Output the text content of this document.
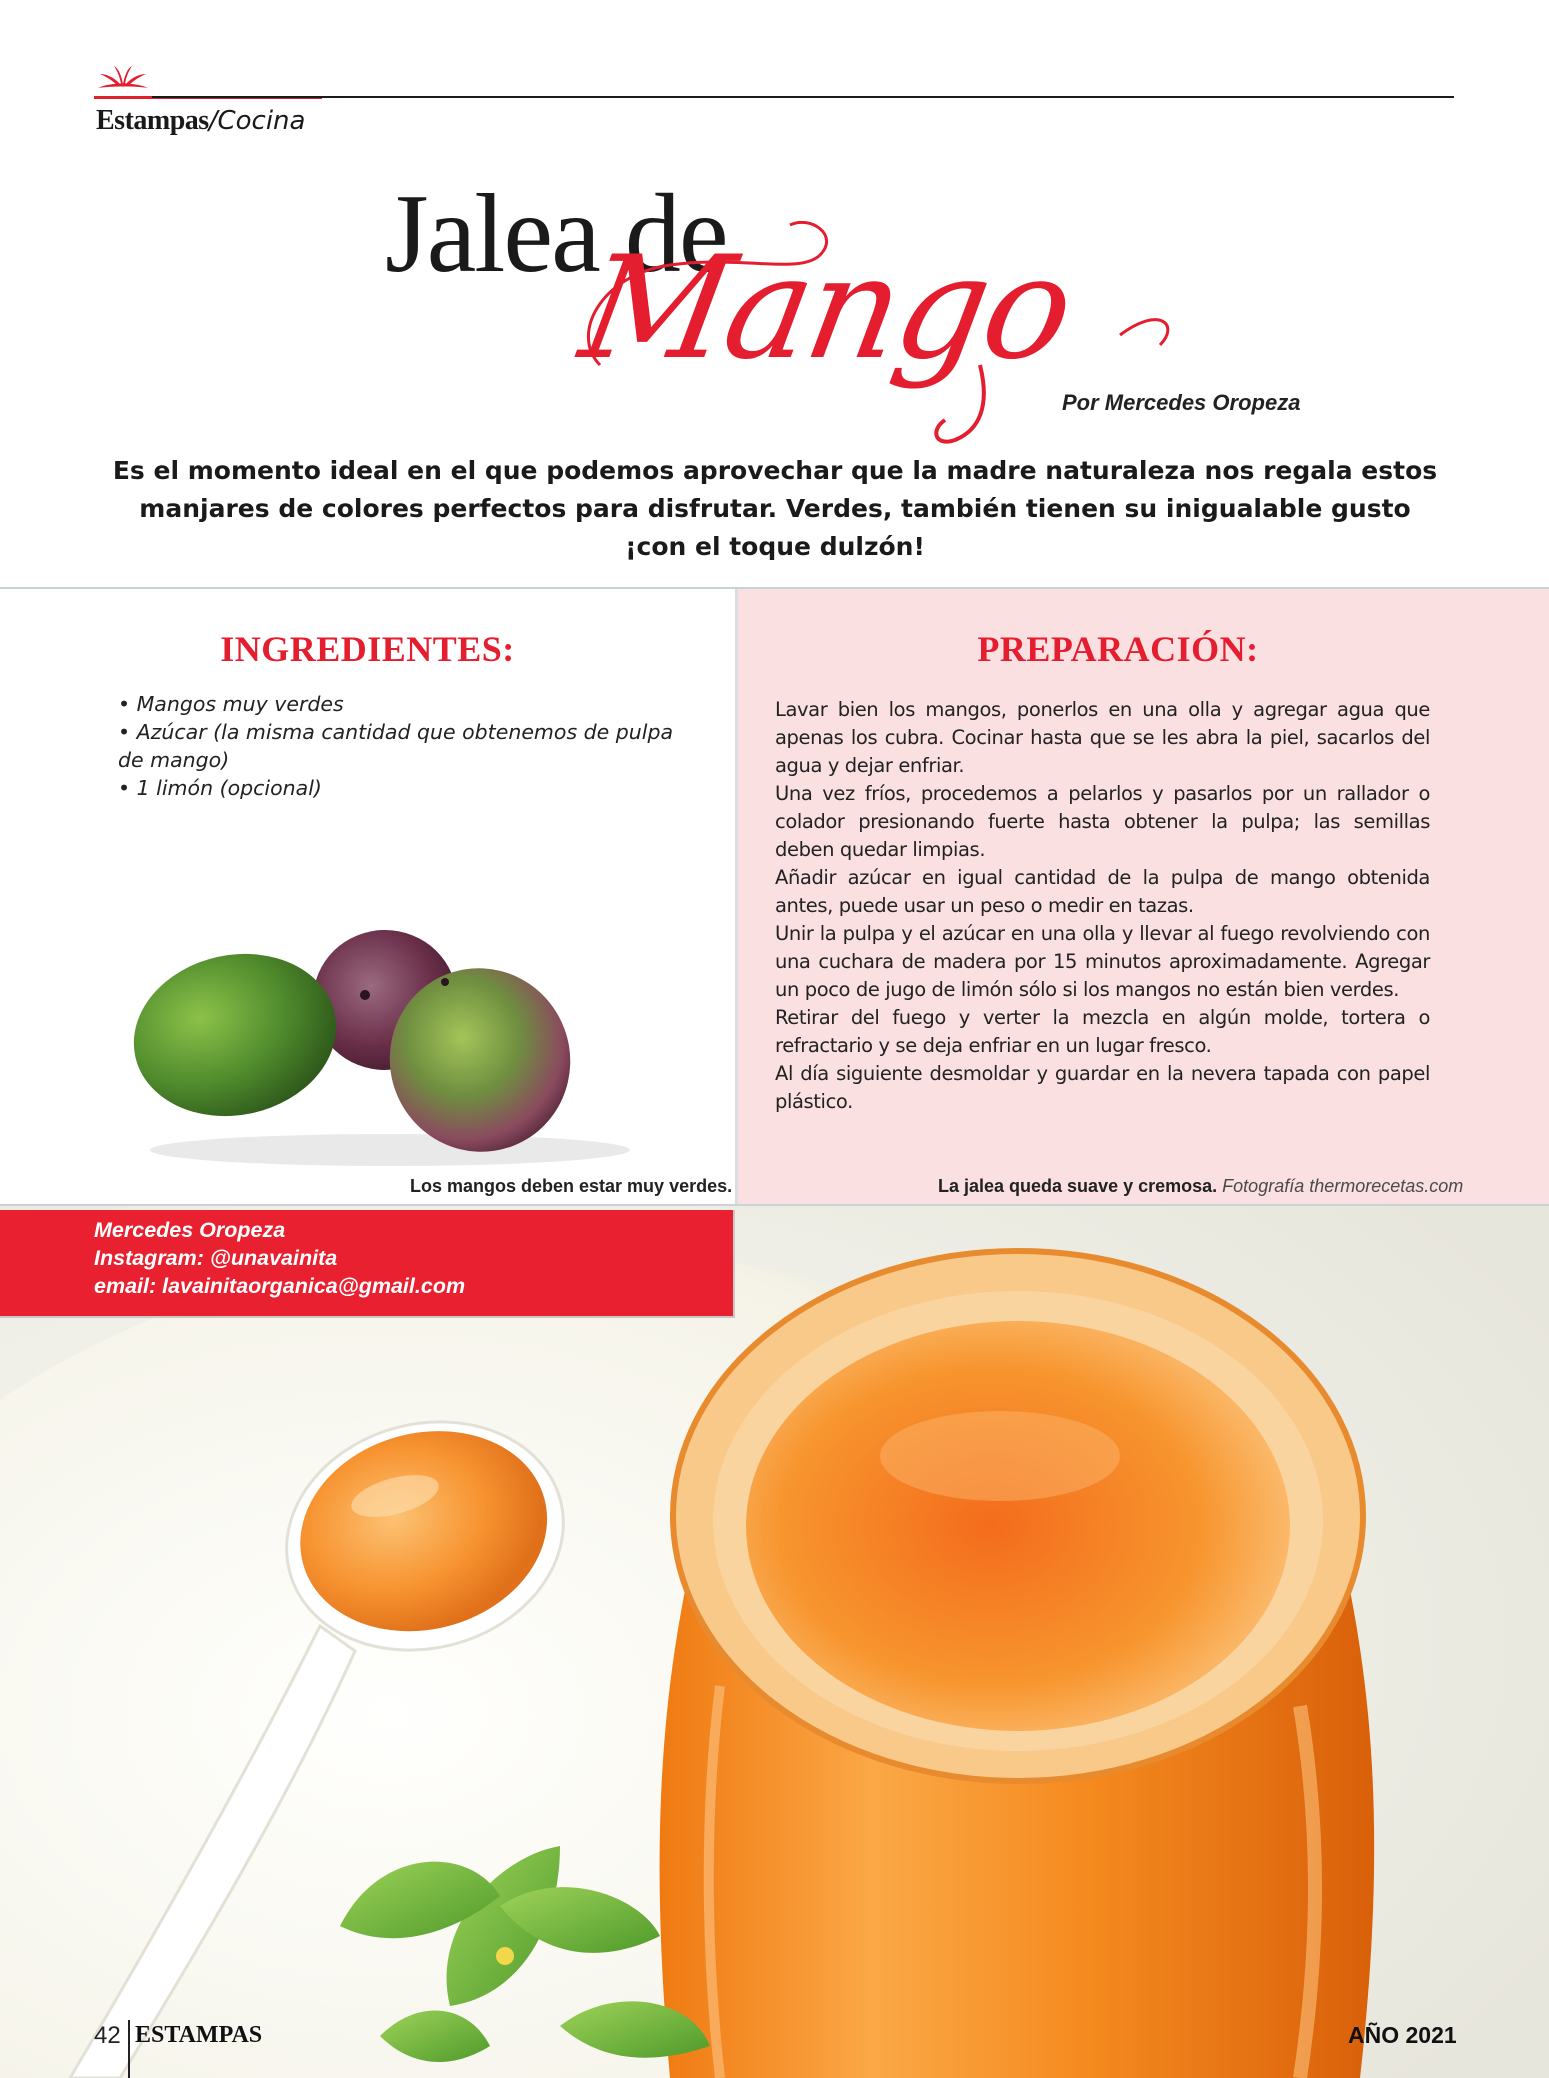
Estampas/Cocina
Jalea de
Mango
Por Mercedes Oropeza
Es el momento ideal en el que podemos aprovechar que la madre naturaleza nos regala estos manjares de colores perfectos para disfrutar. Verdes, también tienen su inigualable gusto ¡con el toque dulzón!
INGREDIENTES:	PREPARACIÓN:
• Mangos muy verdes
• Azúcar (la misma cantidad que obtenemos de pulpa de mango)
• 1 limón (opcional)

Lavar bien los mangos, ponerlos en una olla y agregar agua que apenas los cubra. Cocinar hasta que se les abra la piel, sacarlos del agua y dejar enfriar.

Una vez fríos, procedemos a pelarlos y pasarlos por un rallador o colador presionando fuerte hasta obtener la pulpa; las semillas deben quedar limpias.

Añadir azúcar en igual cantidad de la pulpa de mango obtenida antes, puede usar un peso o medir en tazas.

Unir la pulpa y el azúcar en una olla y llevar al fuego revolviendo con una cuchara de madera por 15 minutos aproximadamente. Agregar un poco de jugo de limón sólo si los mangos no están bien verdes.

Retirar del fuego y verter la mezcla en algún molde, tortera o refractario y se deja enfriar en un lugar fresco.

Al día siguiente desmoldar y guardar en la nevera tapada con papel plástico.

Los mangos deben estar muy verdes.	La jalea queda suave y cremosa. Fotografía thermorecetas.com
Mercedes Oropeza
Instagram: @unavainita
email: lavainitaorganica@gmail.com
42 ESTAMPAS	AÑO 2021
